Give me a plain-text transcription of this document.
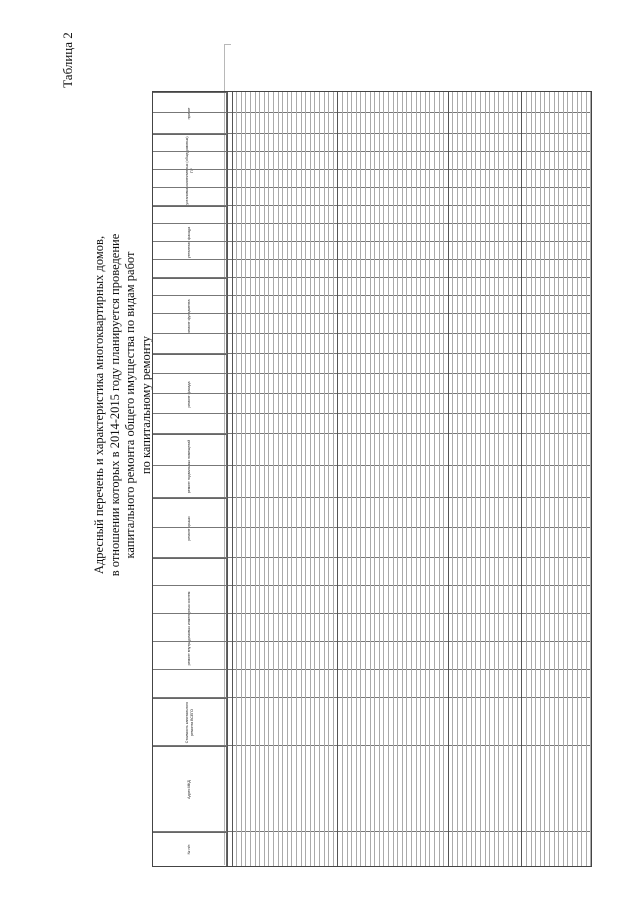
Таблица 2
Адресный перечень и характеристика многоквартирных домов, в отношении которых в 2014-2015 году планируется проведение капитального ремонта общего имущества по видам работ по капитальному ремонту
№ п/п
Адрес МКД
Стоимость капитального ремонта ВСЕГО
ремонт внутридомовых инженерных систем
ремонт крыши
ремонт подвальных помещений
ремонт фасада
ремонт фундамента
утепление фасада
установка коллективных (общедомовых) ПУ
прочие
